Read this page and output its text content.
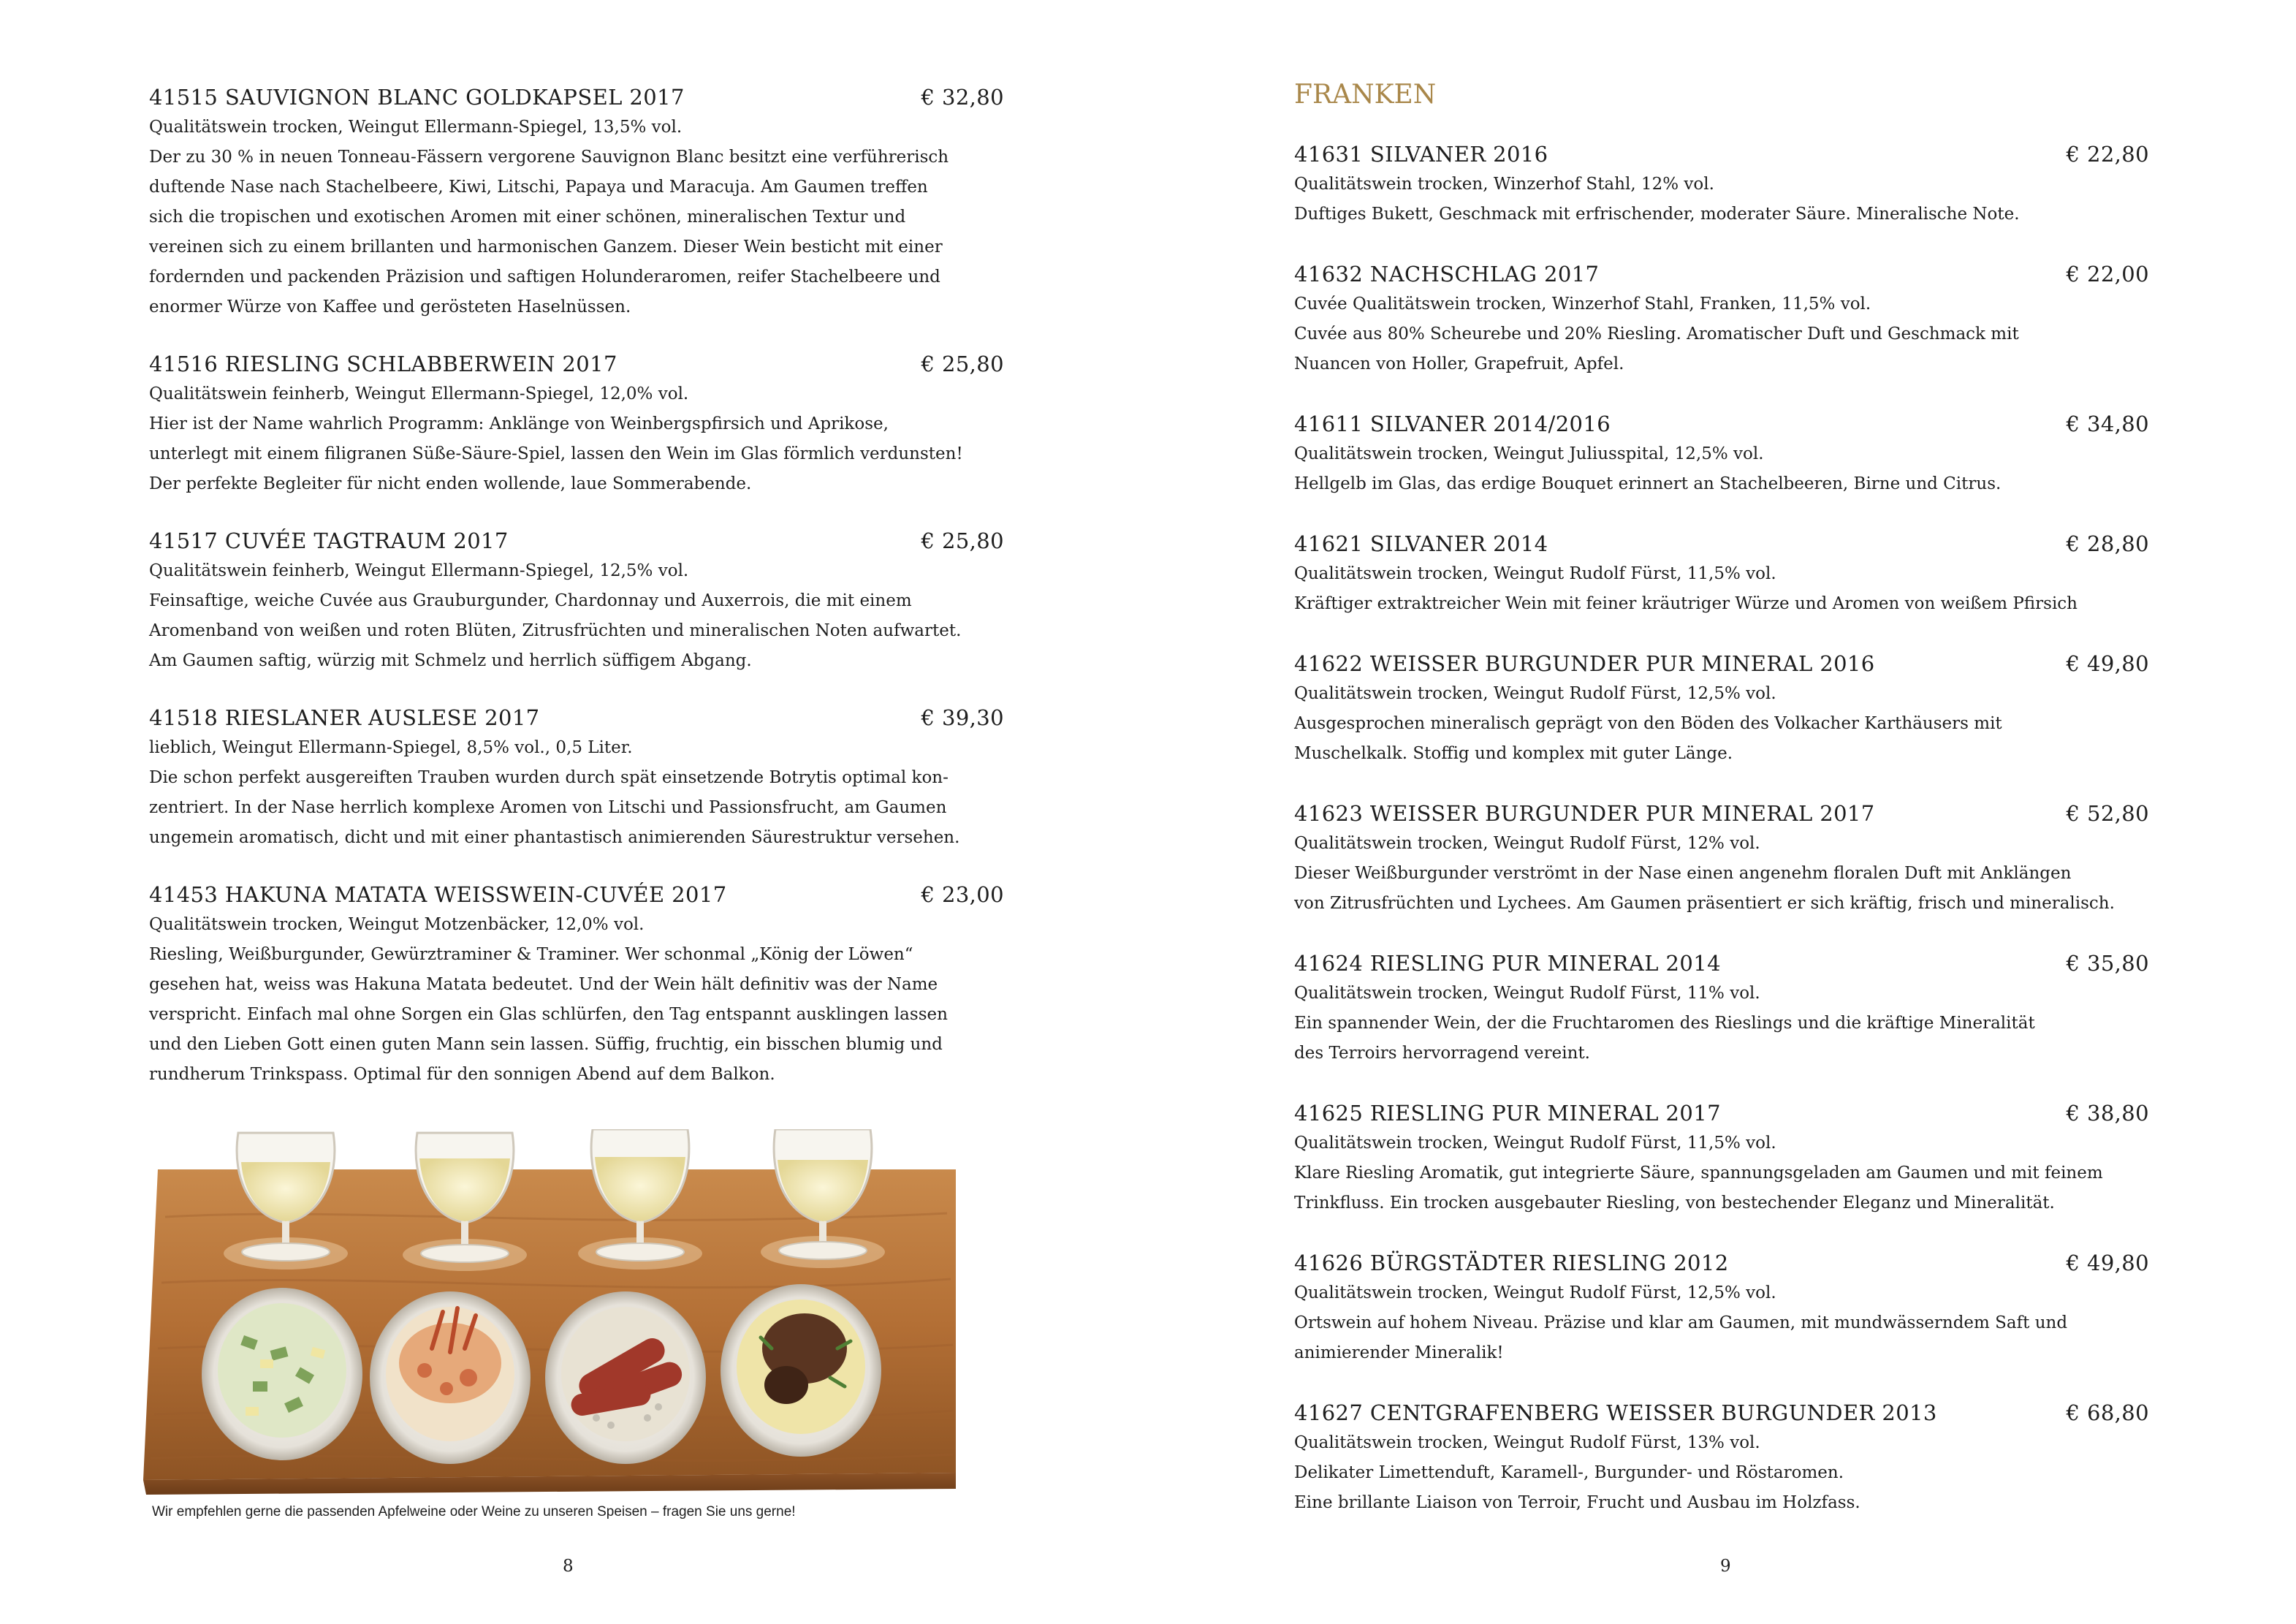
41515 SAUVIGNON BLANC GOLDKAPSEL 2017	€ 32,80
Qualitätswein trocken, Weingut Ellermann-Spiegel, 13,5% vol.
Der zu 30 % in neuen Tonneau-Fässern vergorene Sauvignon Blanc besitzt eine verführerisch
duftende Nase nach Stachelbeere, Kiwi, Litschi, Papaya und Maracuja. Am Gaumen treffen
sich die tropischen und exotischen Aromen mit einer schönen, mineralischen Textur und
vereinen sich zu einem brillanten und harmonischen Ganzem. Dieser Wein besticht mit einer
fordernden und packenden Präzision und saftigen Holunderaromen, reifer Stachelbeere und
enormer Würze von Kaffee und gerösteten Haselnüssen.
41516 RIESLING SCHLABBERWEIN 2017	€ 25,80
Qualitätswein feinherb, Weingut Ellermann-Spiegel, 12,0% vol.
Hier ist der Name wahrlich Programm: Anklänge von Weinbergspfirsich und Aprikose,
unterlegt mit einem filigranen Süße-Säure-Spiel, lassen den Wein im Glas förmlich verdunsten!
Der perfekte Begleiter für nicht enden wollende, laue Sommerabende.
41517 CUVÉE TAGTRAUM 2017	€ 25,80
Qualitätswein feinherb, Weingut Ellermann-Spiegel, 12,5% vol.
Feinsaftige, weiche Cuvée aus Grauburgunder, Chardonnay und Auxerrois, die mit einem
Aromenband von weißen und roten Blüten, Zitrusfrüchten und mineralischen Noten aufwartet.
Am Gaumen saftig, würzig mit Schmelz und herrlich süffigem Abgang.
41518 RIESLANER AUSLESE 2017	€ 39,30
lieblich, Weingut Ellermann-Spiegel, 8,5% vol., 0,5 Liter.
Die schon perfekt ausgereiften Trauben wurden durch spät einsetzende Botrytis optimal kon-
zentriert. In der Nase herrlich komplexe Aromen von Litschi und Passionsfrucht, am Gaumen
ungemein aromatisch, dicht und mit einer phantastisch animierenden Säurestruktur versehen.
41453 HAKUNA MATATA WEISSWEIN-CUVÉE 2017	€ 23,00
Qualitätswein trocken, Weingut Motzenbäcker, 12,0% vol.
Riesling, Weißburgunder, Gewürztraminer & Traminer. Wer schonmal „König der Löwen“
gesehen hat, weiss was Hakuna Matata bedeutet. Und der Wein hält definitiv was der Name
verspricht. Einfach mal ohne Sorgen ein Glas schlürfen, den Tag entspannt ausklingen lassen
und den Lieben Gott einen guten Mann sein lassen. Süffig, fruchtig, ein bisschen blumig und
rundherum Trinkspass. Optimal für den sonnigen Abend auf dem Balkon.
Wir empfehlen gerne die passenden Apfelweine oder Weine zu unseren Speisen – fragen Sie uns gerne!
8
FRANKEN
41631 SILVANER 2016	€ 22,80
Qualitätswein trocken, Winzerhof Stahl, 12% vol.
Duftiges Bukett, Geschmack mit erfrischender, moderater Säure. Mineralische Note.
41632 NACHSCHLAG 2017	€ 22,00
Cuvée Qualitätswein trocken, Winzerhof Stahl, Franken, 11,5% vol.
Cuvée aus 80% Scheurebe und 20% Riesling. Aromatischer Duft und Geschmack mit
Nuancen von Holler, Grapefruit, Apfel.
41611 SILVANER 2014/2016	€ 34,80
Qualitätswein trocken, Weingut Juliusspital, 12,5% vol.
Hellgelb im Glas, das erdige Bouquet erinnert an Stachelbeeren, Birne und Citrus.
41621 SILVANER 2014	€ 28,80
Qualitätswein trocken, Weingut Rudolf Fürst, 11,5% vol.
Kräftiger extraktreicher Wein mit feiner kräutriger Würze und Aromen von weißem Pfirsich
41622 WEISSER BURGUNDER PUR MINERAL 2016	€ 49,80
Qualitätswein trocken, Weingut Rudolf Fürst, 12,5% vol.
Ausgesprochen mineralisch geprägt von den Böden des Volkacher Karthäusers mit
Muschelkalk. Stoffig und komplex mit guter Länge.
41623 WEISSER BURGUNDER PUR MINERAL 2017	€ 52,80
Qualitätswein trocken, Weingut Rudolf Fürst, 12% vol.
Dieser Weißburgunder verströmt in der Nase einen angenehm floralen Duft mit Anklängen
von Zitrusfrüchten und Lychees. Am Gaumen präsentiert er sich kräftig, frisch und mineralisch.
41624 RIESLING PUR MINERAL 2014	€ 35,80
Qualitätswein trocken, Weingut Rudolf Fürst, 11% vol.
Ein spannender Wein, der die Fruchtaromen des Rieslings und die kräftige Mineralität
des Terroirs hervorragend vereint.
41625 RIESLING PUR MINERAL 2017	€ 38,80
Qualitätswein trocken, Weingut Rudolf Fürst, 11,5% vol.
Klare Riesling Aromatik, gut integrierte Säure, spannungsgeladen am Gaumen und mit feinem
Trinkfluss. Ein trocken ausgebauter Riesling, von bestechender Eleganz und Mineralität.
41626 BÜRGSTÄDTER RIESLING 2012	€ 49,80
Qualitätswein trocken, Weingut Rudolf Fürst, 12,5% vol.
Ortswein auf hohem Niveau. Präzise und klar am Gaumen, mit mundwässerndem Saft und
animierender Mineralik!
41627 CENTGRAFENBERG WEISSER BURGUNDER 2013	€ 68,80
Qualitätswein trocken, Weingut Rudolf Fürst, 13% vol.
Delikater Limettenduft, Karamell-, Burgunder- und Röstaromen.
Eine brillante Liaison von Terroir, Frucht und Ausbau im Holzfass.
9
